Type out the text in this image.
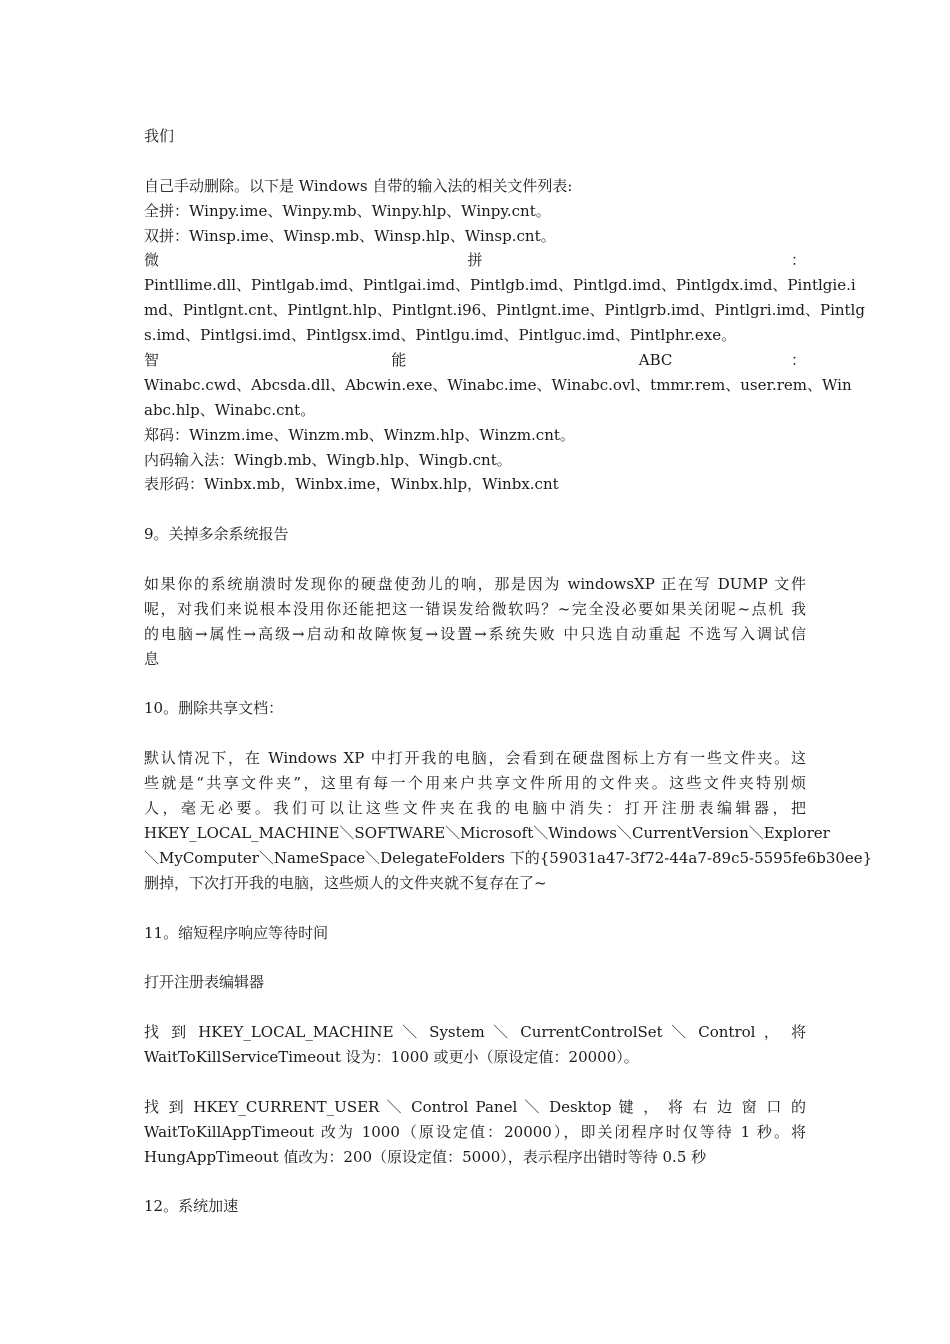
我们
自己手动删除。以下是 Windows 自带的输入法的相关文件列表:
全拼：Winpy.ime、Winpy.mb、Winpy.hlp、Winpy.cnt。
双拼：Winsp.ime、Winsp.mb、Winsp.hlp、Winsp.cnt。
微 拼 ：
Pintllime.dll、Pintlgab.imd、Pintlgai.imd、Pintlgb.imd、Pintlgd.imd、Pintlgdx.imd、Pintlgie.i
md、Pintlgnt.cnt、Pintlgnt.hlp、Pintlgnt.i96、Pintlgnt.ime、Pintlgrb.imd、Pintlgri.imd、Pintlg
s.imd、Pintlgsi.imd、Pintlgsx.imd、Pintlgu.imd、Pintlguc.imd、Pintlphr.exe。
智 能 ABC ：
Winabc.cwd、Abcsda.dll、Abcwin.exe、Winabc.ime、Winabc.ovl、tmmr.rem、user.rem、Win
abc.hlp、Winabc.cnt。
郑码：Winzm.ime、Winzm.mb、Winzm.hlp、Winzm.cnt。
内码输入法：Wingb.mb、Wingb.hlp、Wingb.cnt。
表形码：Winbx.mb，Winbx.ime，Winbx.hlp，Winbx.cnt
9。关掉多余系统报告
如果你的系统崩溃时发现你的硬盘使劲儿的响，那是因为 windowsXP 正在写 DUMP 文件
呢，对我们来说根本没用你还能把这一错误发给微软吗？~完全没必要如果关闭呢~点机 我
的电脑→属性→高级→启动和故障恢复→设置→系统失败 中只选自动重起 不选写入调试信
息
10。删除共享文档：
默认情况下，在 Windows XP 中打开我的电脑，会看到在硬盘图标上方有一些文件夹。这
些就是“共享文件夹”，这里有每一个用来户共享文件所用的文件夹。这些文件夹特别烦
人，毫无必要。我们可以让这些文件夹在我的电脑中消失：打开注册表编辑器，把
HKEY_LOCAL_MACHINE＼SOFTWARE＼Microsoft＼Windows＼CurrentVersion＼Explorer
＼MyComputer＼NameSpace＼DelegateFolders 下的{59031a47-3f72-44a7-89c5-5595fe6b30ee}
删掉，下次打开我的电脑，这些烦人的文件夹就不复存在了~
11。缩短程序响应等待时间
打开注册表编辑器
找 到 HKEY_LOCAL_MACHINE ＼ System ＼ CurrentControlSet ＼ Control ， 将
WaitToKillServiceTimeout 设为：1000 或更小（原设定值：20000）。
找 到 HKEY_CURRENT_USER ＼ Control Panel ＼ Desktop 键 ， 将 右 边 窗 口 的
WaitToKillAppTimeout 改为 1000（原设定值：20000），即关闭程序时仅等待 1 秒。将
HungAppTimeout 值改为：200（原设定值：5000），表示程序出错时等待 0.5 秒
12。系统加速
